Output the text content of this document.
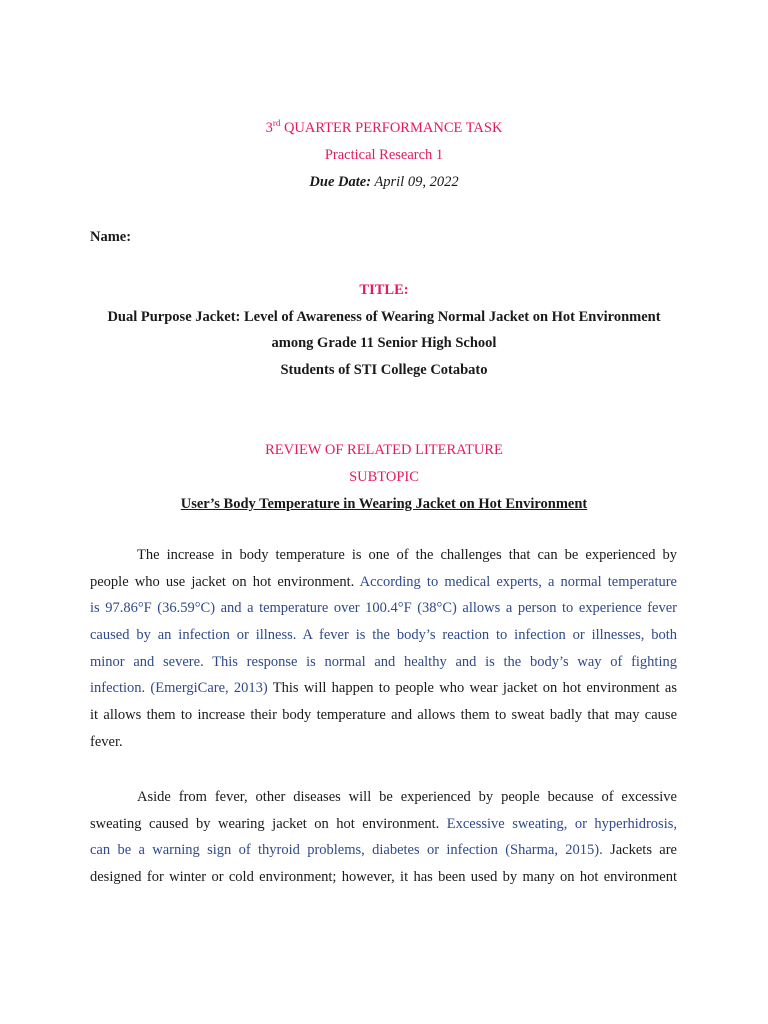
3rd QUARTER PERFORMANCE TASK
Practical Research 1
Due Date: April 09, 2022
Name:
TITLE:
Dual Purpose Jacket: Level of Awareness of Wearing Normal Jacket on Hot Environment
among Grade 11 Senior High School
Students of STI College Cotabato
REVIEW OF RELATED LITERATURE
SUBTOPIC
User’s Body Temperature in Wearing Jacket on Hot Environment
The increase in body temperature is one of the challenges that can be experienced by
people who use jacket on hot environment. According to medical experts, a normal temperature
is 97.86°F (36.59°C) and a temperature over 100.4°F (38°C) allows a person to experience fever
caused by an infection or illness. A fever is the body’s reaction to infection or illnesses, both
minor and severe. This response is normal and healthy and is the body’s way of fighting
infection. (EmergiCare, 2013) This will happen to people who wear jacket on hot environment as
it allows them to increase their body temperature and allows them to sweat badly that may cause
fever.
Aside from fever, other diseases will be experienced by people because of excessive
sweating caused by wearing jacket on hot environment. Excessive sweating, or hyperhidrosis,
can be a warning sign of thyroid problems, diabetes or infection (Sharma, 2015). Jackets are
designed for winter or cold environment; however, it has been used by many on hot environment
